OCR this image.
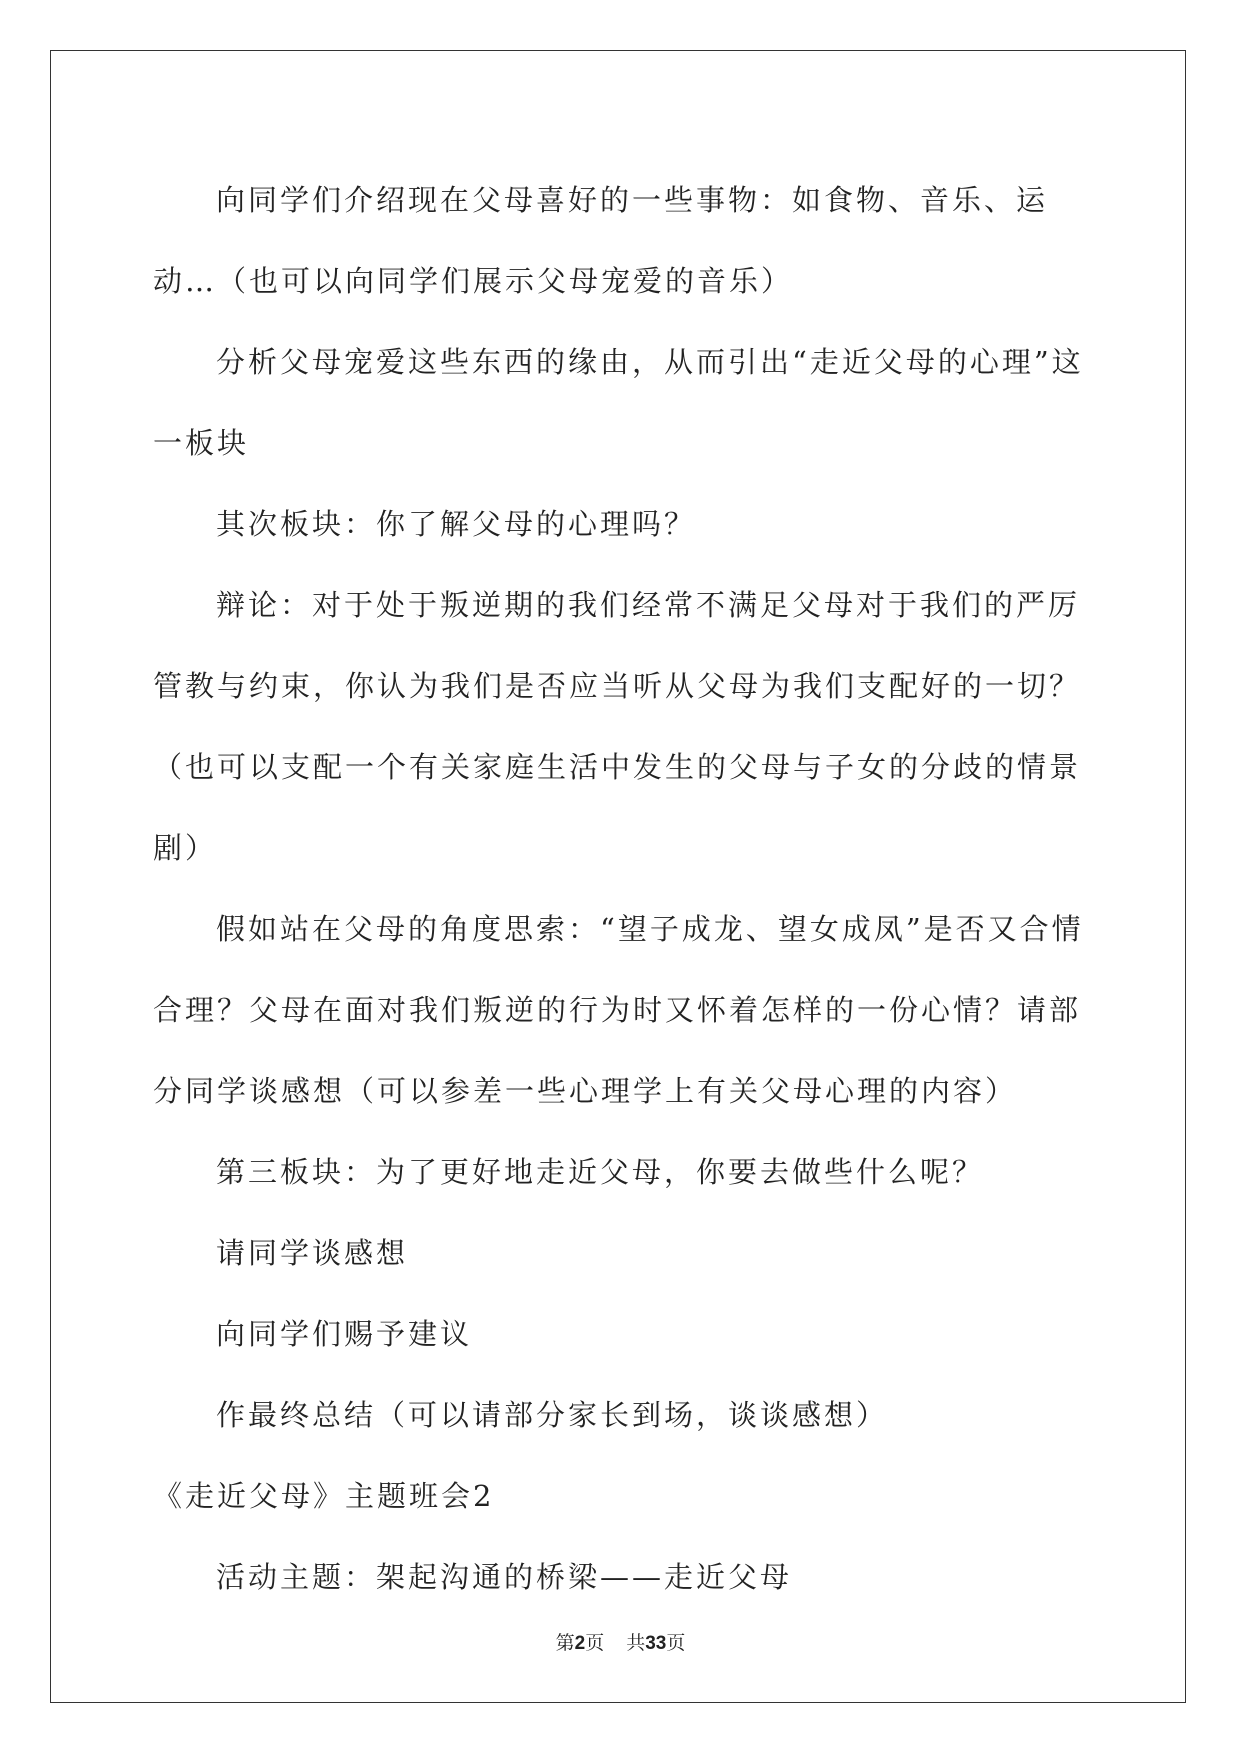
向同学们介绍现在父母喜好的一些事物：如食物、音乐、运动…（也可以向同学们展示父母宠爱的音乐）

分析父母宠爱这些东西的缘由，从而引出“走近父母的心理”这一板块

其次板块：你了解父母的心理吗？

辩论：对于处于叛逆期的我们经常不满足父母对于我们的严厉管教与约束，你认为我们是否应当听从父母为我们支配好的一切？（也可以支配一个有关家庭生活中发生的父母与子女的分歧的情景剧）

假如站在父母的角度思索：“望子成龙、望女成凤”是否又合情合理？父母在面对我们叛逆的行为时又怀着怎样的一份心情？请部分同学谈感想（可以参差一些心理学上有关父母心理的内容）

第三板块：为了更好地走近父母，你要去做些什么呢？

请同学谈感想

向同学们赐予建议

作最终总结（可以请部分家长到场，谈谈感想）

《走近父母》主题班会2

活动主题：架起沟通的桥梁——走近父母

第2页 共33页
